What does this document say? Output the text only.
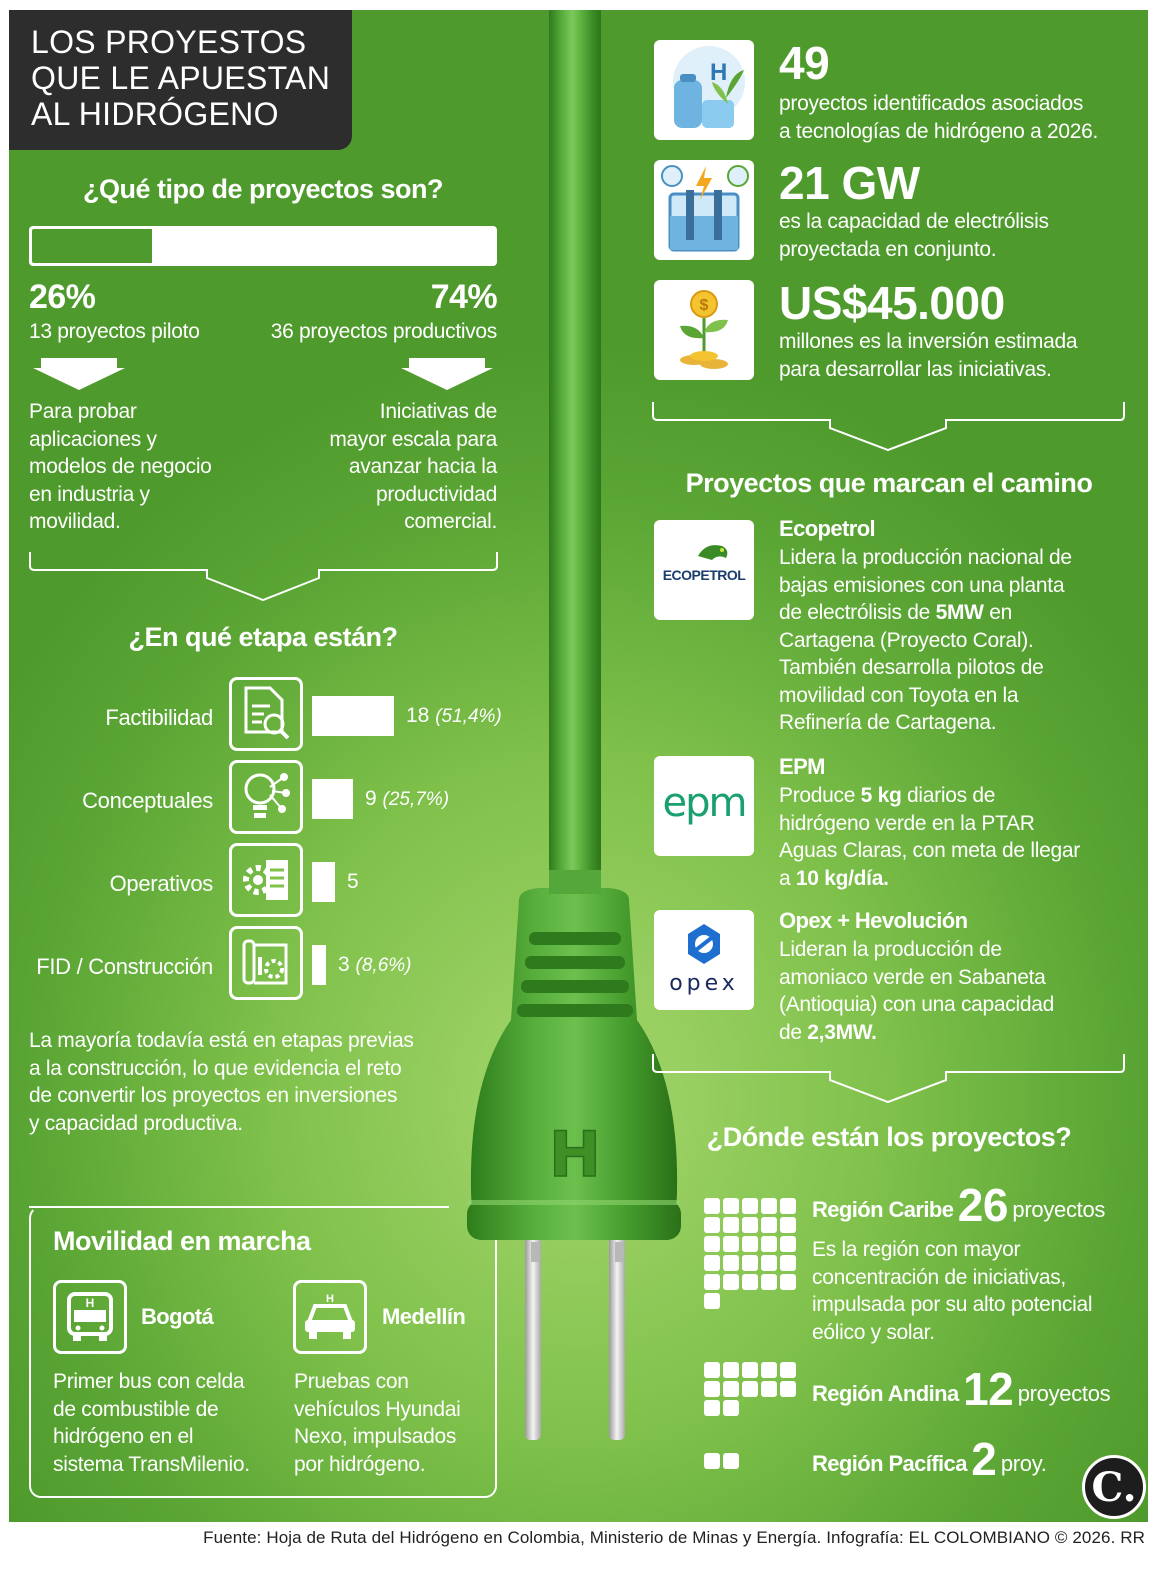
LOS PROYESTOS
QUE LE APUESTAN
AL HIDRÓGENO
¿Qué tipo de proyectos son?
26%	74%
13 proyectos piloto	36 proyectos productivos
Para probar
aplicaciones y
modelos de negocio
en industria y
movilidad.
Iniciativas de
mayor escala para
avanzar hacia la
productividad
comercial.
¿En qué etapa están?
Factibilidad	18 (51,4%)
Conceptuales	9 (25,7%)
Operativos	5
FID / Construcción	3 (8,6%)
La mayoría todavía está en etapas previas
a la construcción, lo que evidencia el reto
de convertir los proyectos en inversiones
y capacidad productiva.
Movilidad en marcha
H
Bogotá
Primer bus con celda
de combustible de
hidrógeno en el
sistema TransMilenio.
H
Medellín
Pruebas con
vehículos Hyundai
Nexo, impulsados
por hidrógeno.
H
H 49
proyectos identificados asociados
a tecnologías de hidrógeno a 2026.
21 GW
es la capacidad de electrólisis
proyectada en conjunto.
$ US$45.000
millones es la inversión estimada
para desarrollar las iniciativas.
Proyectos que marcan el camino
ECOPETROL
Ecopetrol
Lidera la producción nacional de
bajas emisiones con una planta
de electrólisis de 5MW en
Cartagena (Proyecto Coral).
También desarrolla pilotos de
movilidad con Toyota en la
Refinería de Cartagena.
epm
EPM
Produce 5 kg diarios de
hidrógeno verde en la PTAR
Aguas Claras, con meta de llegar
a 10 kg/día.
opex
Opex + Hevolución
Lideran la producción de
amoniaco verde en Sabaneta
(Antioquia) con una capacidad
de 2,3MW.
¿Dónde están los proyectos?
Región Caribe 26 proyectos
Es la región con mayor
concentración de iniciativas,
impulsada por su alto potencial
eólico y solar.
Región Andina 12 proyectos
Región Pacífica 2 proy. C.
Fuente: Hoja de Ruta del Hidrógeno en Colombia, Ministerio de Minas y Energía. Infografía: EL COLOMBIANO © 2026. RR
